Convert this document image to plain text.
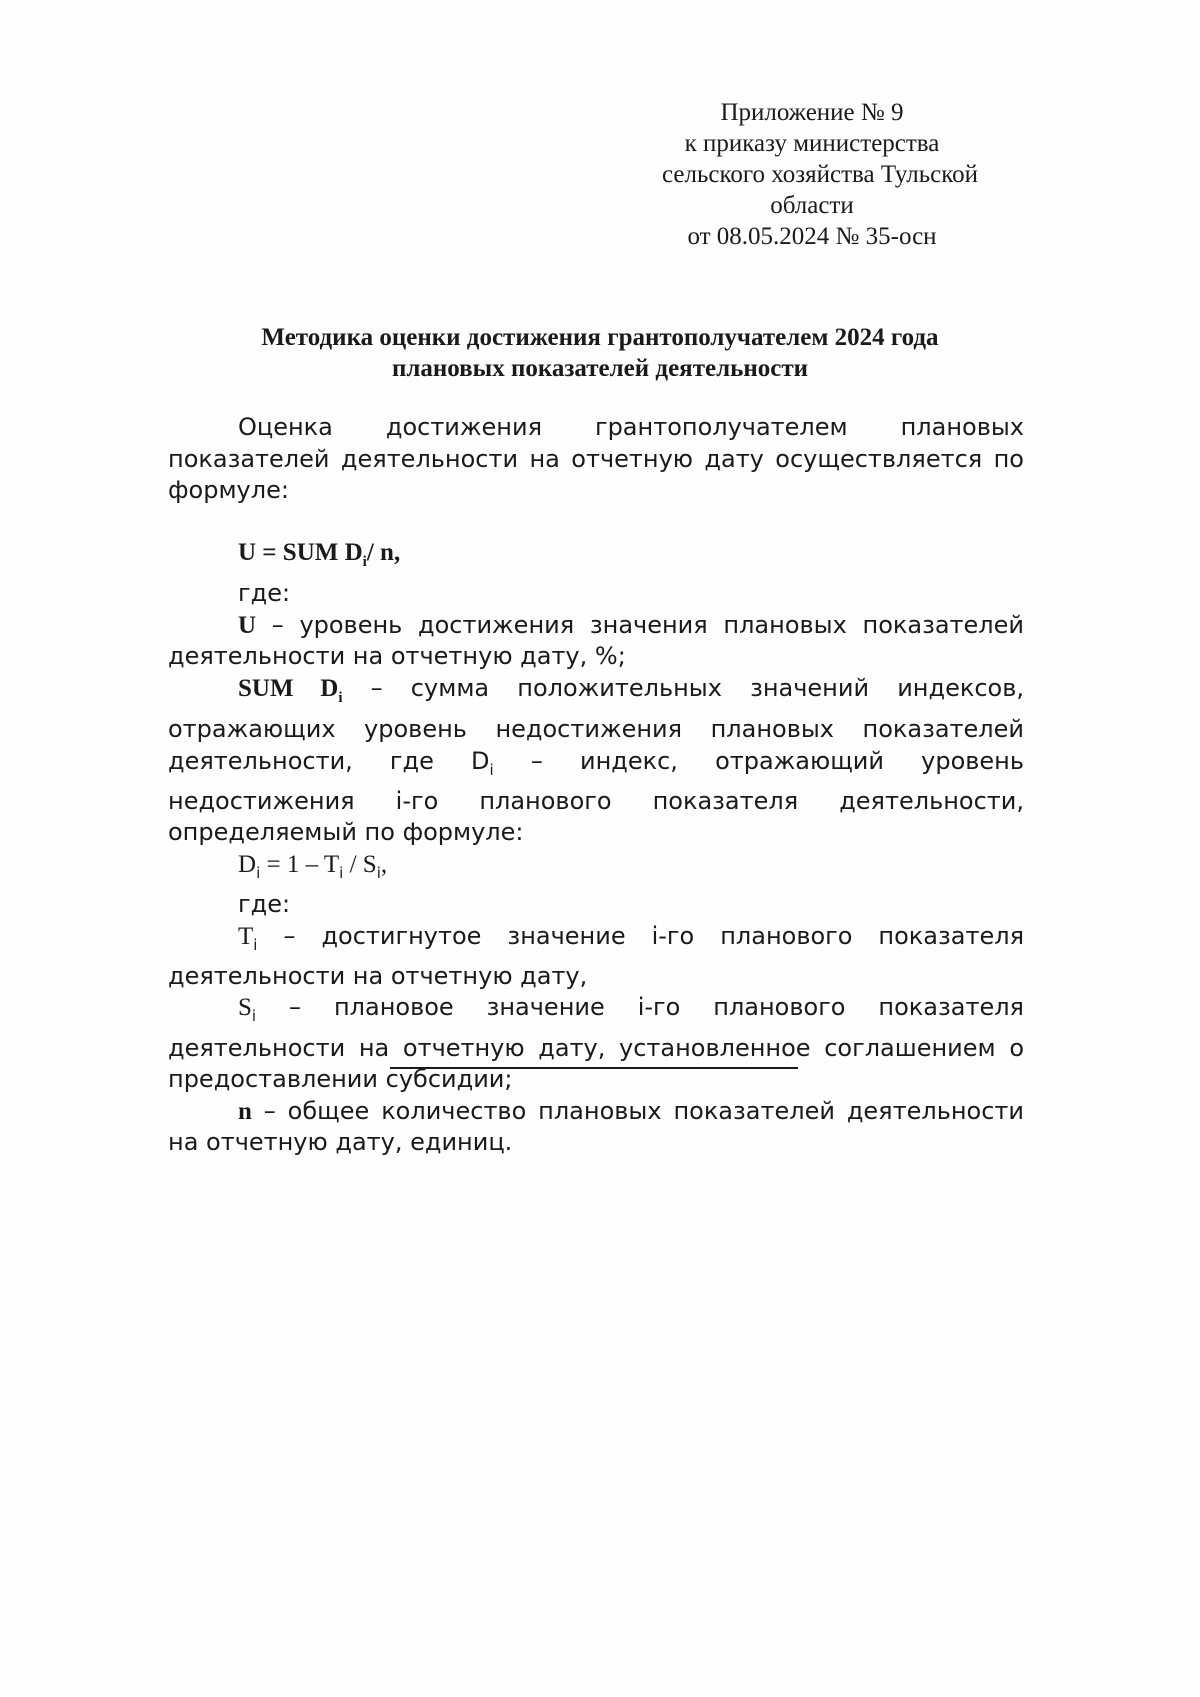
Приложение № 9
к приказу министерства
сельского хозяйства Тульской
области
от 08.05.2024 № 35-осн
Методика оценки достижения грантополучателем 2024 года
плановых показателей деятельности
Оценка достижения грантополучателем плановых показателей деятельности на отчетную дату осуществляется по формуле:
U = SUM $D_i/$ n,
где:
U – уровень достижения значения плановых показателей
деятельности на отчетную дату, %;
SUM $D_i$ – сумма положительных значений индексов, отражающих уровень недостижения плановых показателей деятельности, где $D_i$ – индекс, отражающий уровень недостижения i-го планового показателя деятельности, определяемый по формуле:
$D_i = 1 - T_i / S_i$,
где:
$T_i$ – достигнутое значение i-го планового показателя деятельности на отчетную дату,
$S_i$ – плановое значение i-го планового показателя деятельности на отчетную дату, установленное соглашением о предоставлении субсидии;
n – общее количество плановых показателей деятельности на отчетную дату, единиц.
